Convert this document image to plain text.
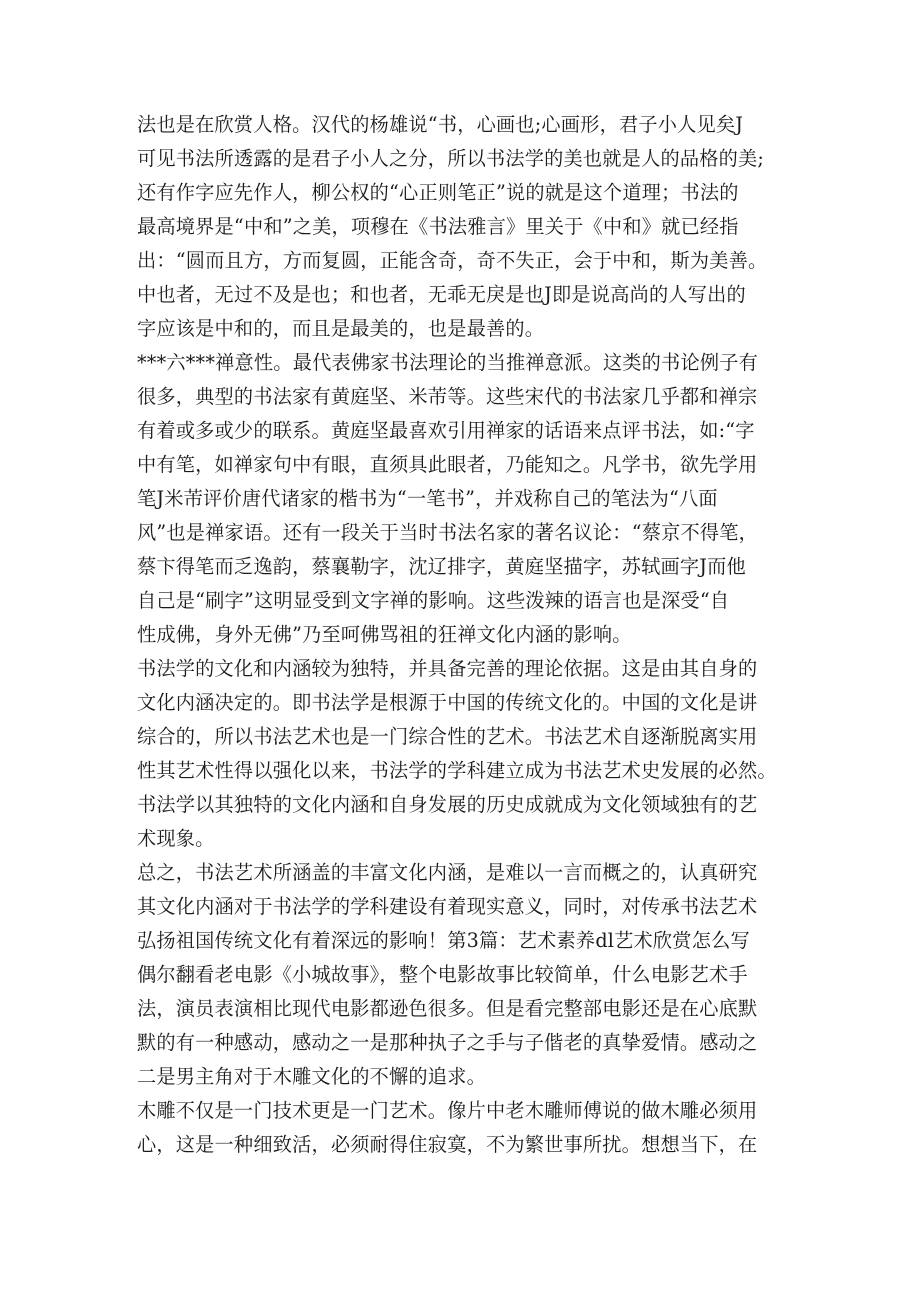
法也是在欣赏人格。汉代的杨雄说“书，心画也;心画形，君子小人见矣J
可见书法所透露的是君子小人之分，所以书法学的美也就是人的品格的美;
还有作字应先作人，柳公权的“心正则笔正”说的就是这个道理；书法的
最高境界是“中和”之美，项穆在《书法雅言》里关于《中和》就已经指
出：“圆而且方，方而复圆，正能含奇，奇不失正，会于中和，斯为美善。
中也者，无过不及是也；和也者，无乖无戾是也J即是说高尚的人写出的
字应该是中和的，而且是最美的，也是最善的。
***六***禅意性。最代表佛家书法理论的当推禅意派。这类的书论例子有
很多，典型的书法家有黄庭坚、米芾等。这些宋代的书法家几乎都和禅宗
有着或多或少的联系。黄庭坚最喜欢引用禅家的话语来点评书法，如:“字
中有笔，如禅家句中有眼，直须具此眼者，乃能知之。凡学书，欲先学用
笔J米芾评价唐代诸家的楷书为“一笔书”，并戏称自己的笔法为“八面
风”也是禅家语。还有一段关于当时书法名家的著名议论：“蔡京不得笔，
蔡卞得笔而乏逸韵，蔡襄勒字，沈辽排字，黄庭坚描字，苏轼画字J而他
自己是“刷字”这明显受到文字禅的影响。这些泼辣的语言也是深受“自
性成佛，身外无佛”乃至呵佛骂祖的狂禅文化内涵的影响。
书法学的文化和内涵较为独特，并具备完善的理论依据。这是由其自身的
文化内涵决定的。即书法学是根源于中国的传统文化的。中国的文化是讲
综合的，所以书法艺术也是一门综合性的艺术。书法艺术自逐渐脱离实用
性其艺术性得以强化以来，书法学的学科建立成为书法艺术史发展的必然。
书法学以其独特的文化内涵和自身发展的历史成就成为文化领域独有的艺
术现象。
总之，书法艺术所涵盖的丰富文化内涵，是难以一言而概之的，认真研究
其文化内涵对于书法学的学科建设有着现实意义，同时，对传承书法艺术
弘扬祖国传统文化有着深远的影响！第3篇：艺术素养dl艺术欣赏怎么写
偶尔翻看老电影《小城故事》，整个电影故事比较简单，什么电影艺术手
法，演员表演相比现代电影都逊色很多。但是看完整部电影还是在心底默
默的有一种感动，感动之一是那种执子之手与子偕老的真挚爱情。感动之
二是男主角对于木雕文化的不懈的追求。
木雕不仅是一门技术更是一门艺术。像片中老木雕师傅说的做木雕必须用
心，这是一种细致活，必须耐得住寂寞，不为繁世事所扰。想想当下，在
